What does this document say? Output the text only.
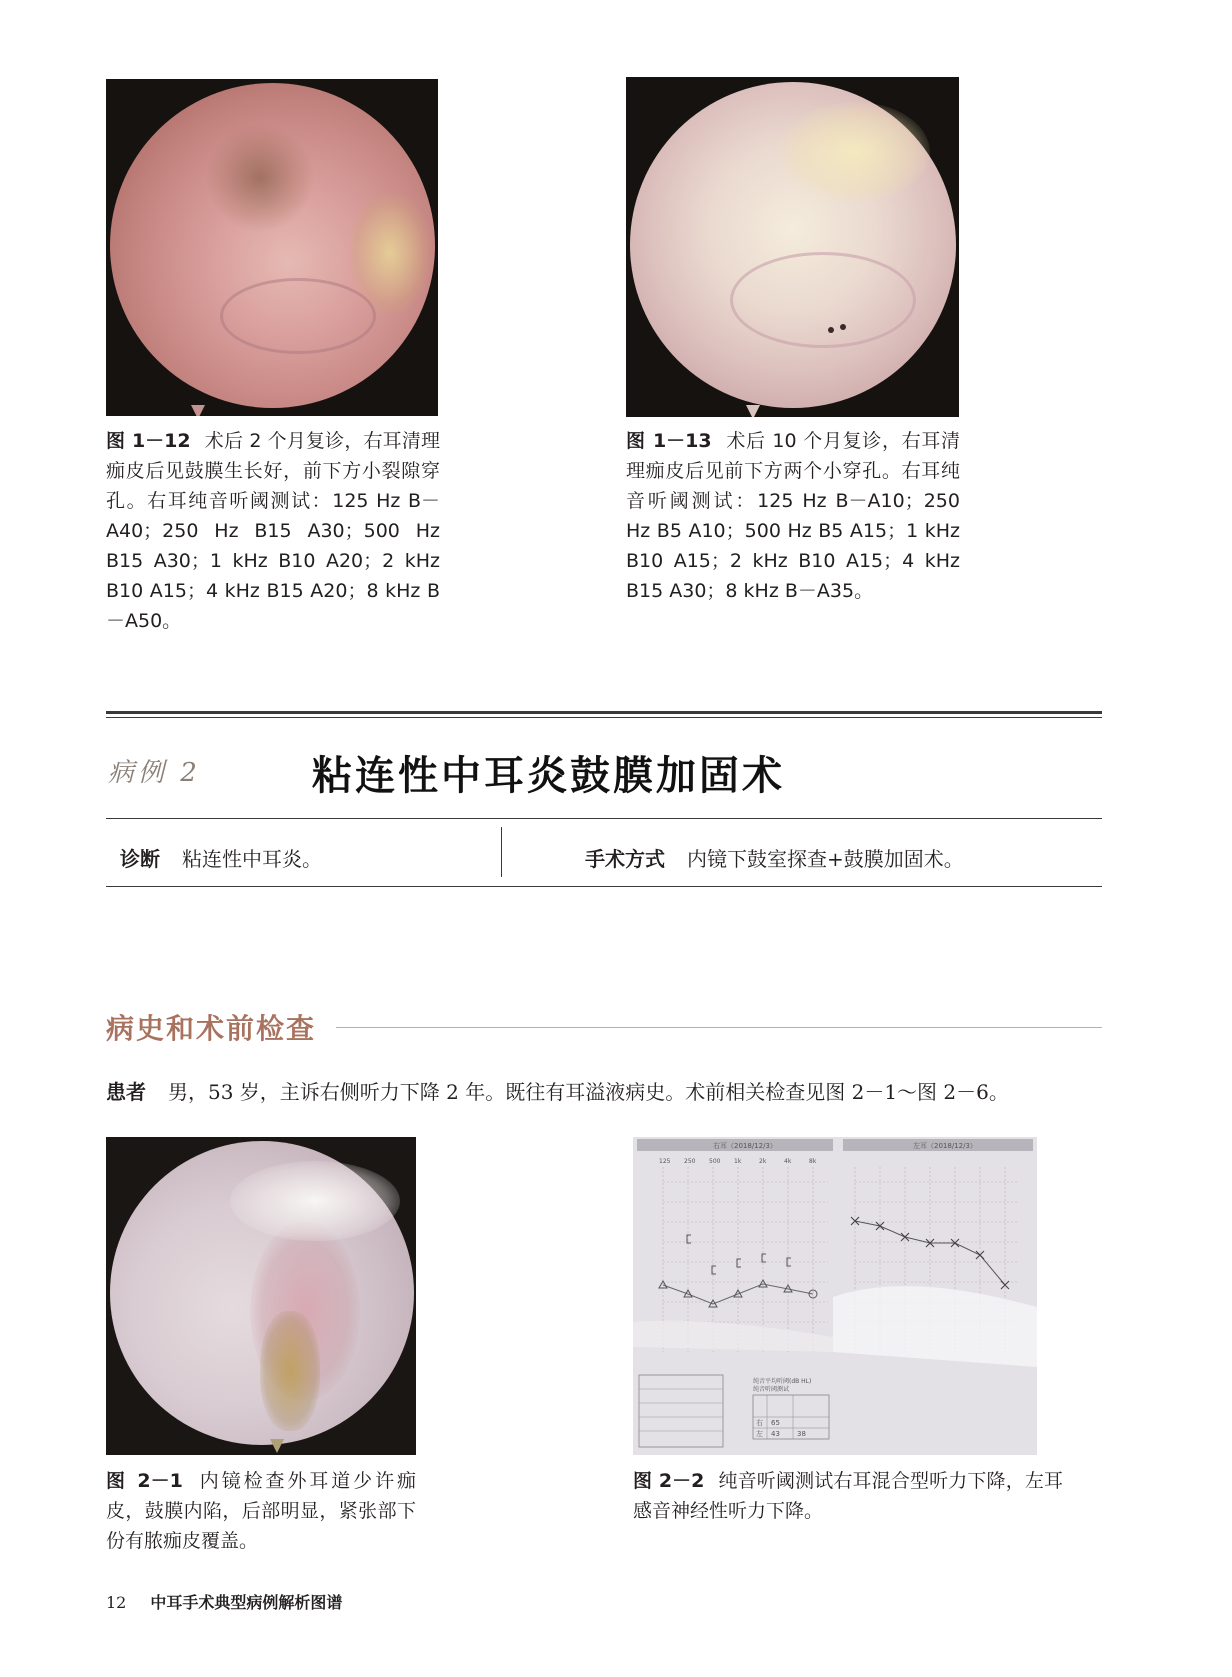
图 1－12 术后 2 个月复诊，右耳清理痂皮后见鼓膜生长好，前下方小裂隙穿孔。右耳纯音听阈测试：125 Hz B－A40；250 Hz B15 A30；500 Hz B15 A30；1 kHz B10 A20；2 kHz B10 A15；4 kHz B15 A20；8 kHz B－A50。
图 1－13 术后 10 个月复诊，右耳清理痂皮后见前下方两个小穿孔。右耳纯音听阈测试：125 Hz B－A10；250 Hz B5 A10；500 Hz B5 A15；1 kHz B10 A15；2 kHz B10 A15；4 kHz B15 A30；8 kHz B－A35。
病例 2	粘连性中耳炎鼓膜加固术
诊断 粘连性中耳炎。	手术方式 内镜下鼓室探查+鼓膜加固术。
病史和术前检查
患者 男，53 岁，主诉右侧听力下降 2 年。既往有耳溢液病史。术前相关检查见图 2－1～图 2－6。
图 2－1 内镜检查外耳道少许痂皮，鼓膜内陷，后部明显，紧张部下份有脓痂皮覆盖。
右耳（2018/12/3）	左耳（2018/12/3）
125 250 500 1k	2k	4k	8k
纯音平均听阈(dB HL)
纯音听阈测试
右 65
左 43 38
图 2－2 纯音听阈测试右耳混合型听力下降，左耳感音神经性听力下降。
12 中耳手术典型病例解析图谱
